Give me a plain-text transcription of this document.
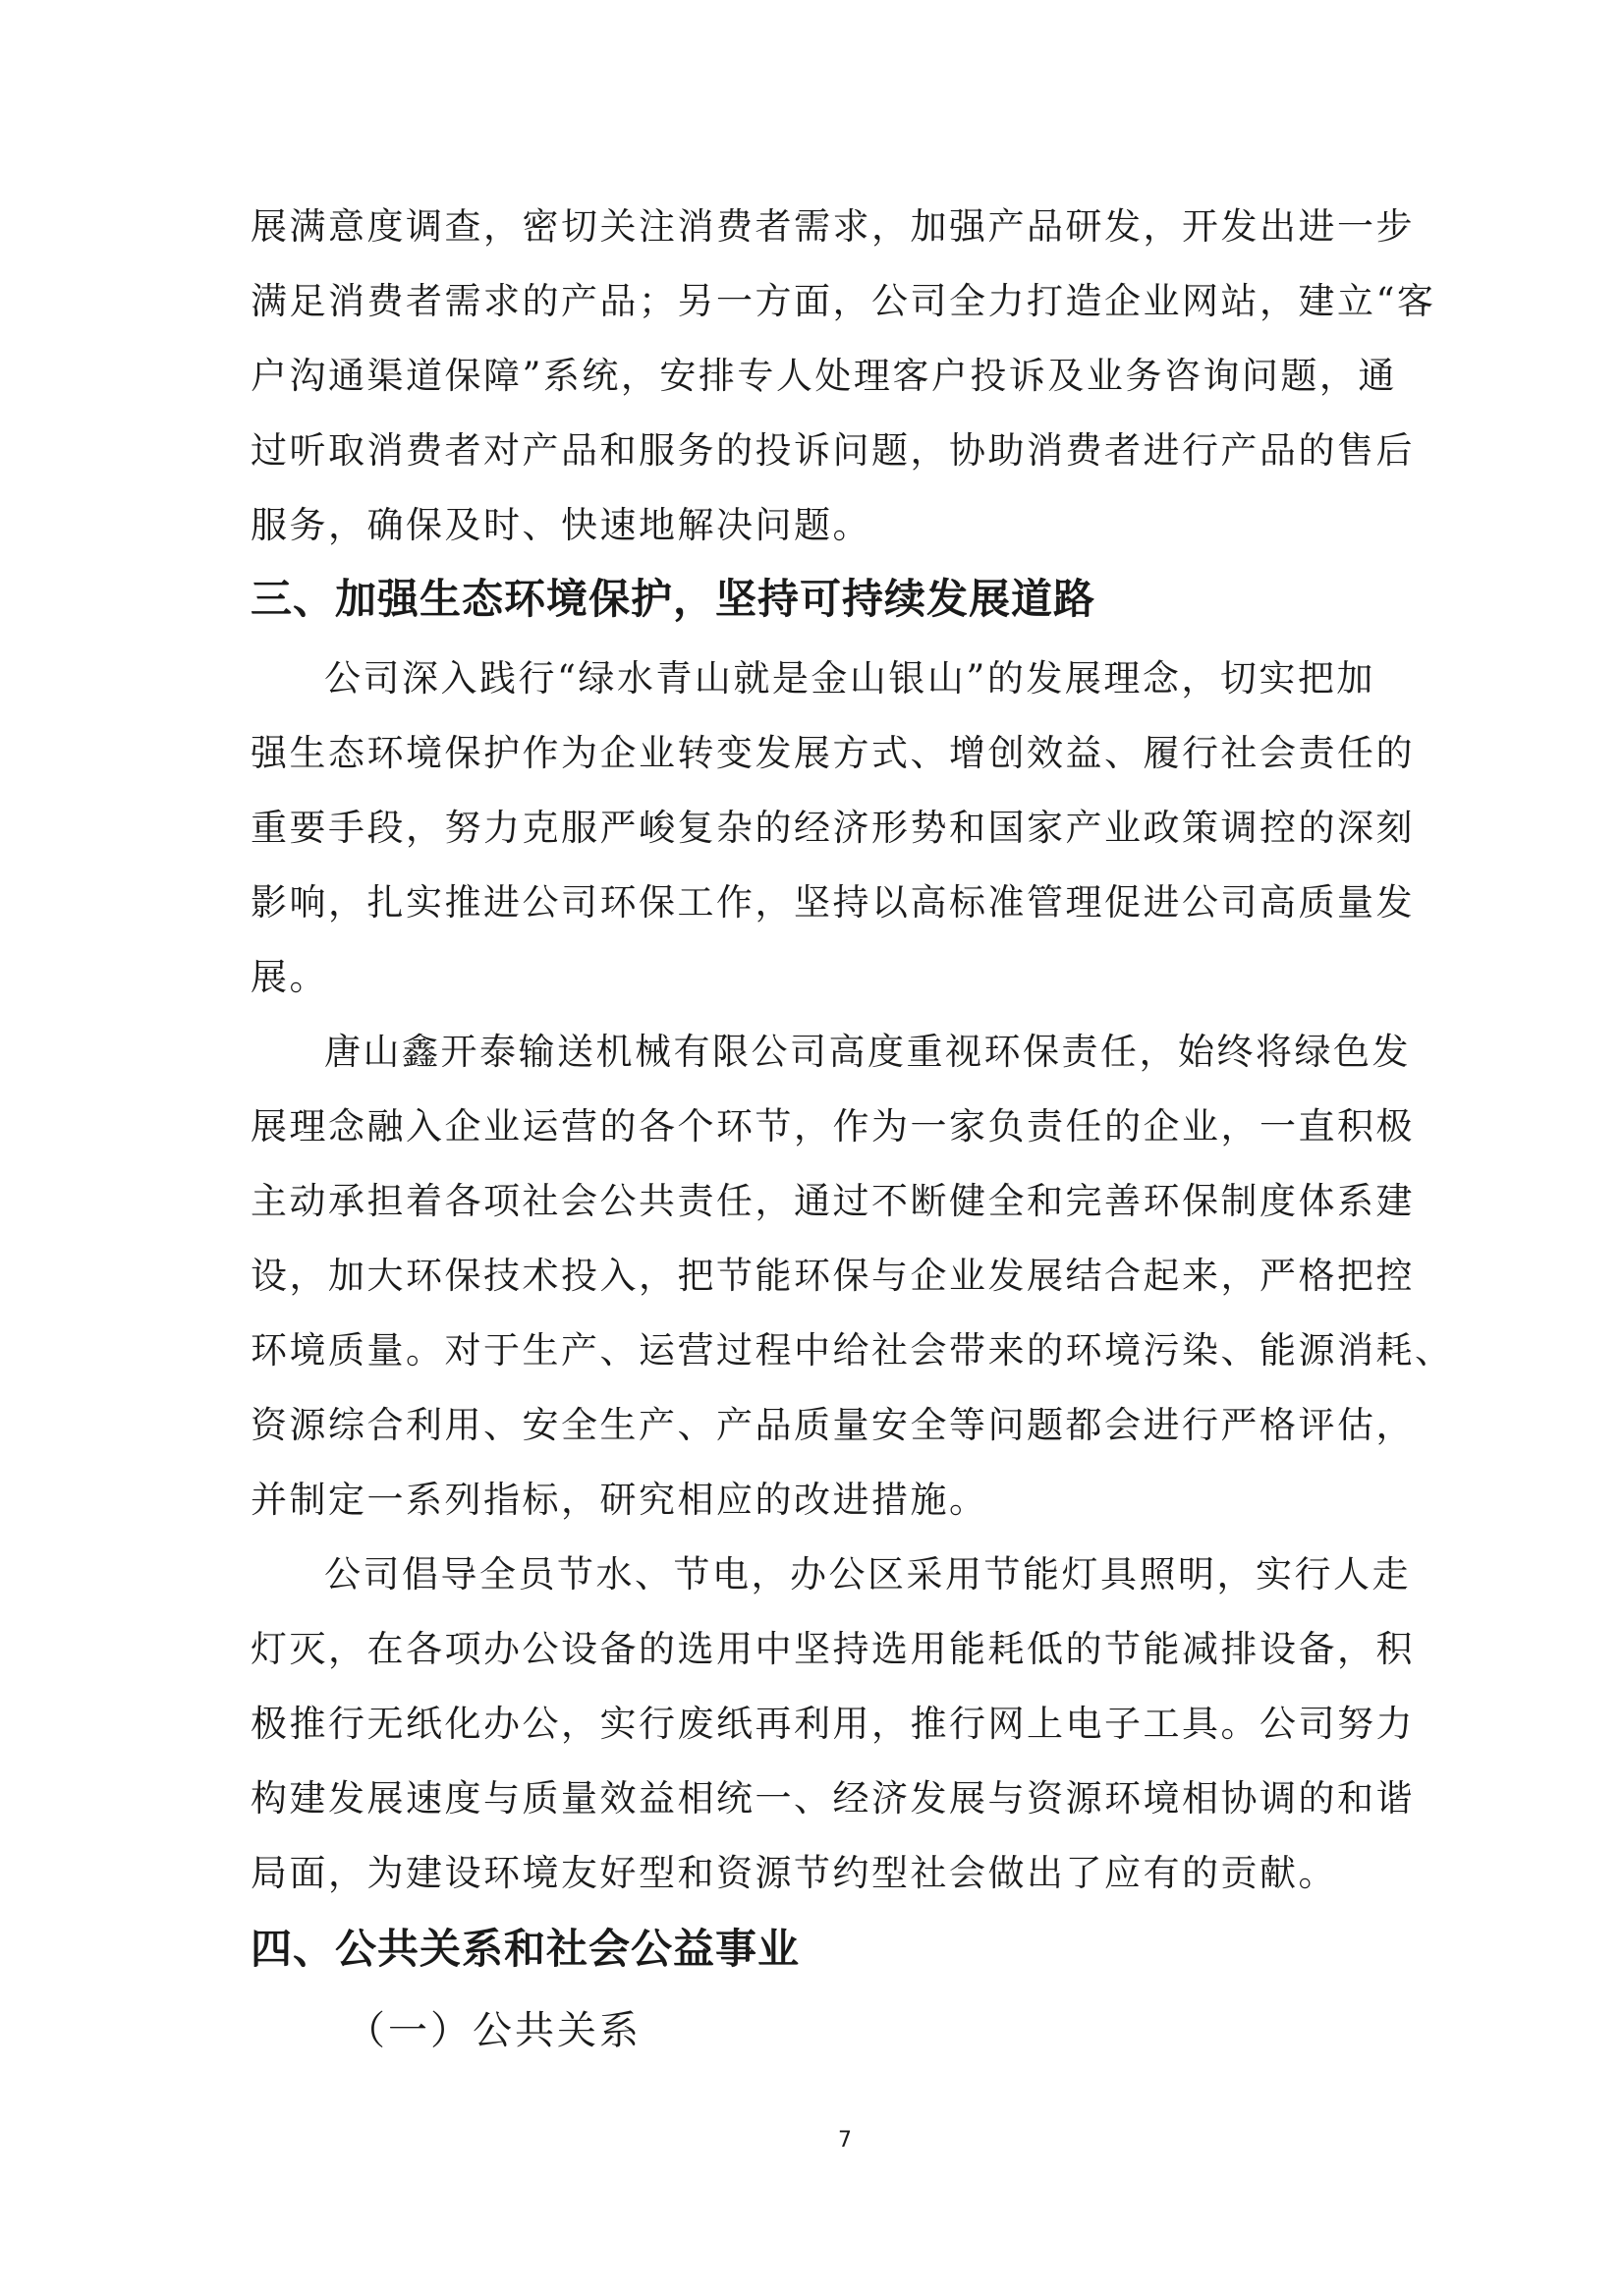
展满意度调查，密切关注消费者需求，加强产品研发，开发出进一步
满足消费者需求的产品；另一方面，公司全力打造企业网站，建立“客
户沟通渠道保障”系统，安排专人处理客户投诉及业务咨询问题，通
过听取消费者对产品和服务的投诉问题，协助消费者进行产品的售后
服务，确保及时、快速地解决问题。
三、加强生态环境保护，坚持可持续发展道路
公司深入践行“绿水青山就是金山银山”的发展理念，切实把加
强生态环境保护作为企业转变发展方式、增创效益、履行社会责任的
重要手段，努力克服严峻复杂的经济形势和国家产业政策调控的深刻
影响，扎实推进公司环保工作，坚持以高标准管理促进公司高质量发
展。
唐山鑫开泰输送机械有限公司高度重视环保责任，始终将绿色发
展理念融入企业运营的各个环节，作为一家负责任的企业，一直积极
主动承担着各项社会公共责任，通过不断健全和完善环保制度体系建
设，加大环保技术投入，把节能环保与企业发展结合起来，严格把控
环境质量。对于生产、运营过程中给社会带来的环境污染、能源消耗、
资源综合利用、安全生产、产品质量安全等问题都会进行严格评估，
并制定一系列指标，研究相应的改进措施。
公司倡导全员节水、节电，办公区采用节能灯具照明，实行人走
灯灭，在各项办公设备的选用中坚持选用能耗低的节能减排设备，积
极推行无纸化办公，实行废纸再利用，推行网上电子工具。公司努力
构建发展速度与质量效益相统一、经济发展与资源环境相协调的和谐
局面，为建设环境友好型和资源节约型社会做出了应有的贡献。
四、公共关系和社会公益事业
（一）公共关系
7
